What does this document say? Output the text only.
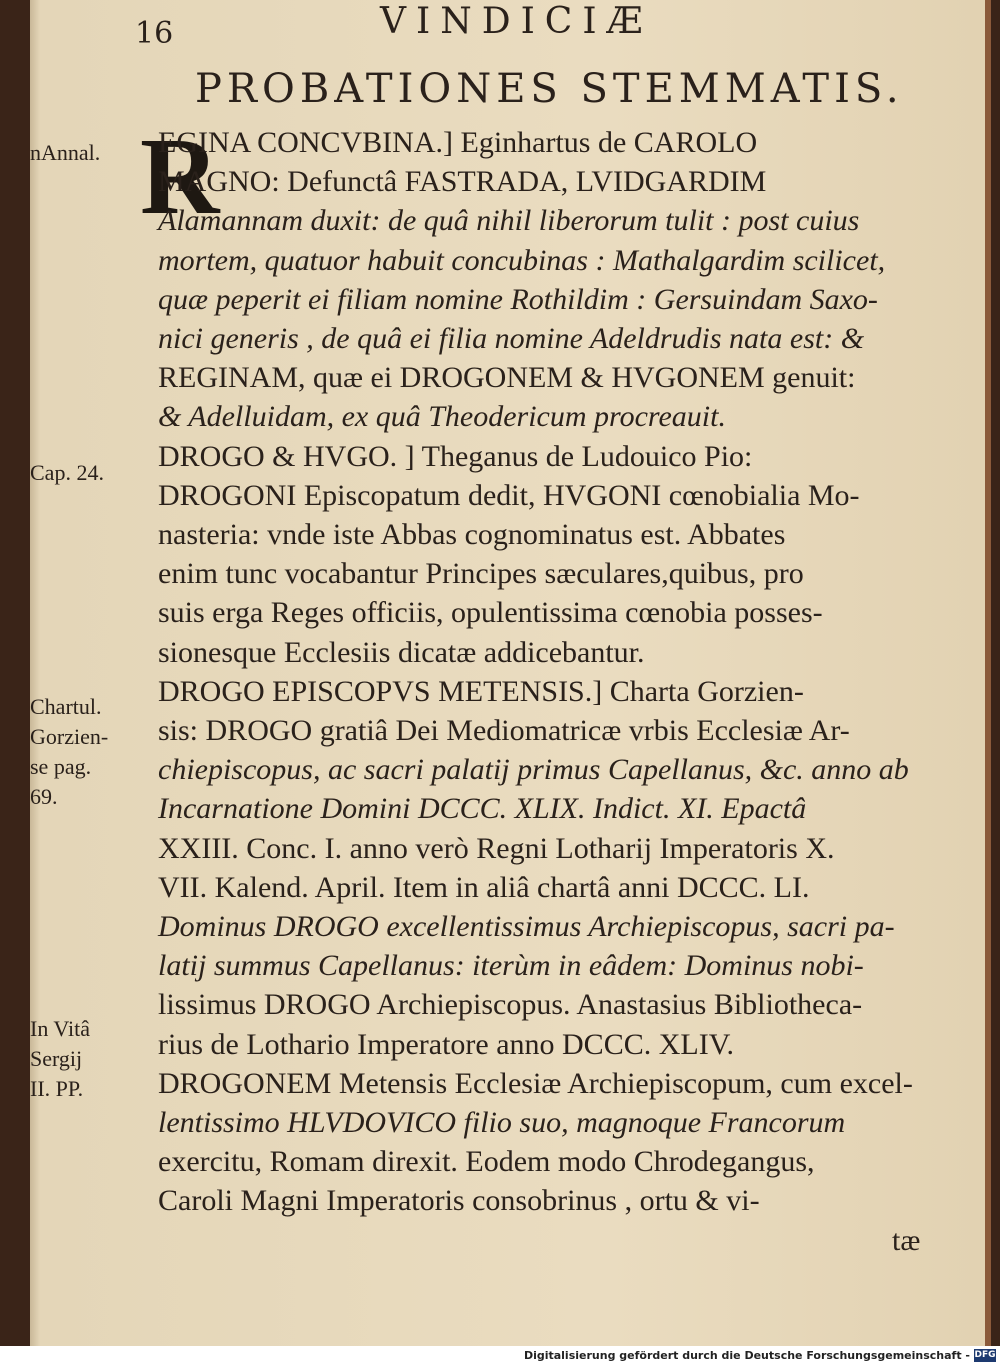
16	VINDICIÆ
PROBATIONES STEMMATIS.
nAnnal.
Cap. 24.
Chartul.
Gorzien-
se pag.
69.
In Vitâ
Sergij
II. PP.
R
EGINA CONCVBINA.] Eginhartus de CAROLO
MAGNO: Defunctâ FASTRADA, LVIDGARDIM
Alamannam duxit: de quâ nihil liberorum tulit : post cuius
mortem, quatuor habuit concubinas : Mathalgardim scilicet,
quæ peperit ei filiam nomine Rothildim : Gersuindam Saxo-
nici generis , de quâ ei filia nomine Adeldrudis nata est: &
REGINAM, quæ ei DROGONEM & HVGONEM genuit:
& Adelluidam, ex quâ Theodericum procreauit.
DROGO & HVGO. ] Theganus de Ludouico Pio:
DROGONI Episcopatum dedit, HVGONI cœnobialia Mo-
nasteria: vnde iste Abbas cognominatus est. Abbates
enim tunc vocabantur Principes sæculares,quibus, pro
suis erga Reges officiis, opulentissima cœnobia posses-
sionesque Ecclesiis dicatæ addicebantur.
DROGO EPISCOPVS METENSIS.] Charta Gorzien-
sis: DROGO gratiâ Dei Mediomatricæ vrbis Ecclesiæ Ar-
chiepiscopus, ac sacri palatij primus Capellanus, &c. anno ab
Incarnatione Domini DCCC. XLIX. Indict. XI. Epactâ
XXIII. Conc. I. anno verò Regni Lotharij Imperatoris X.
VII. Kalend. April. Item in aliâ chartâ anni DCCC. LI.
Dominus DROGO excellentissimus Archiepiscopus, sacri pa-
latij summus Capellanus: iterùm in eâdem: Dominus nobi-
lissimus DROGO Archiepiscopus. Anastasius Bibliotheca-
rius de Lothario Imperatore anno DCCC. XLIV.
DROGONEM Metensis Ecclesiæ Archiepiscopum, cum excel-
lentissimo HLVDOVICO filio suo, magnoque Francorum
exercitu, Romam direxit. Eodem modo Chrodegangus,
Caroli Magni Imperatoris consobrinus , ortu & vi-
tæ
Digitalisierung gefördert durch die Deutsche Forschungsgemeinschaft - DFG
